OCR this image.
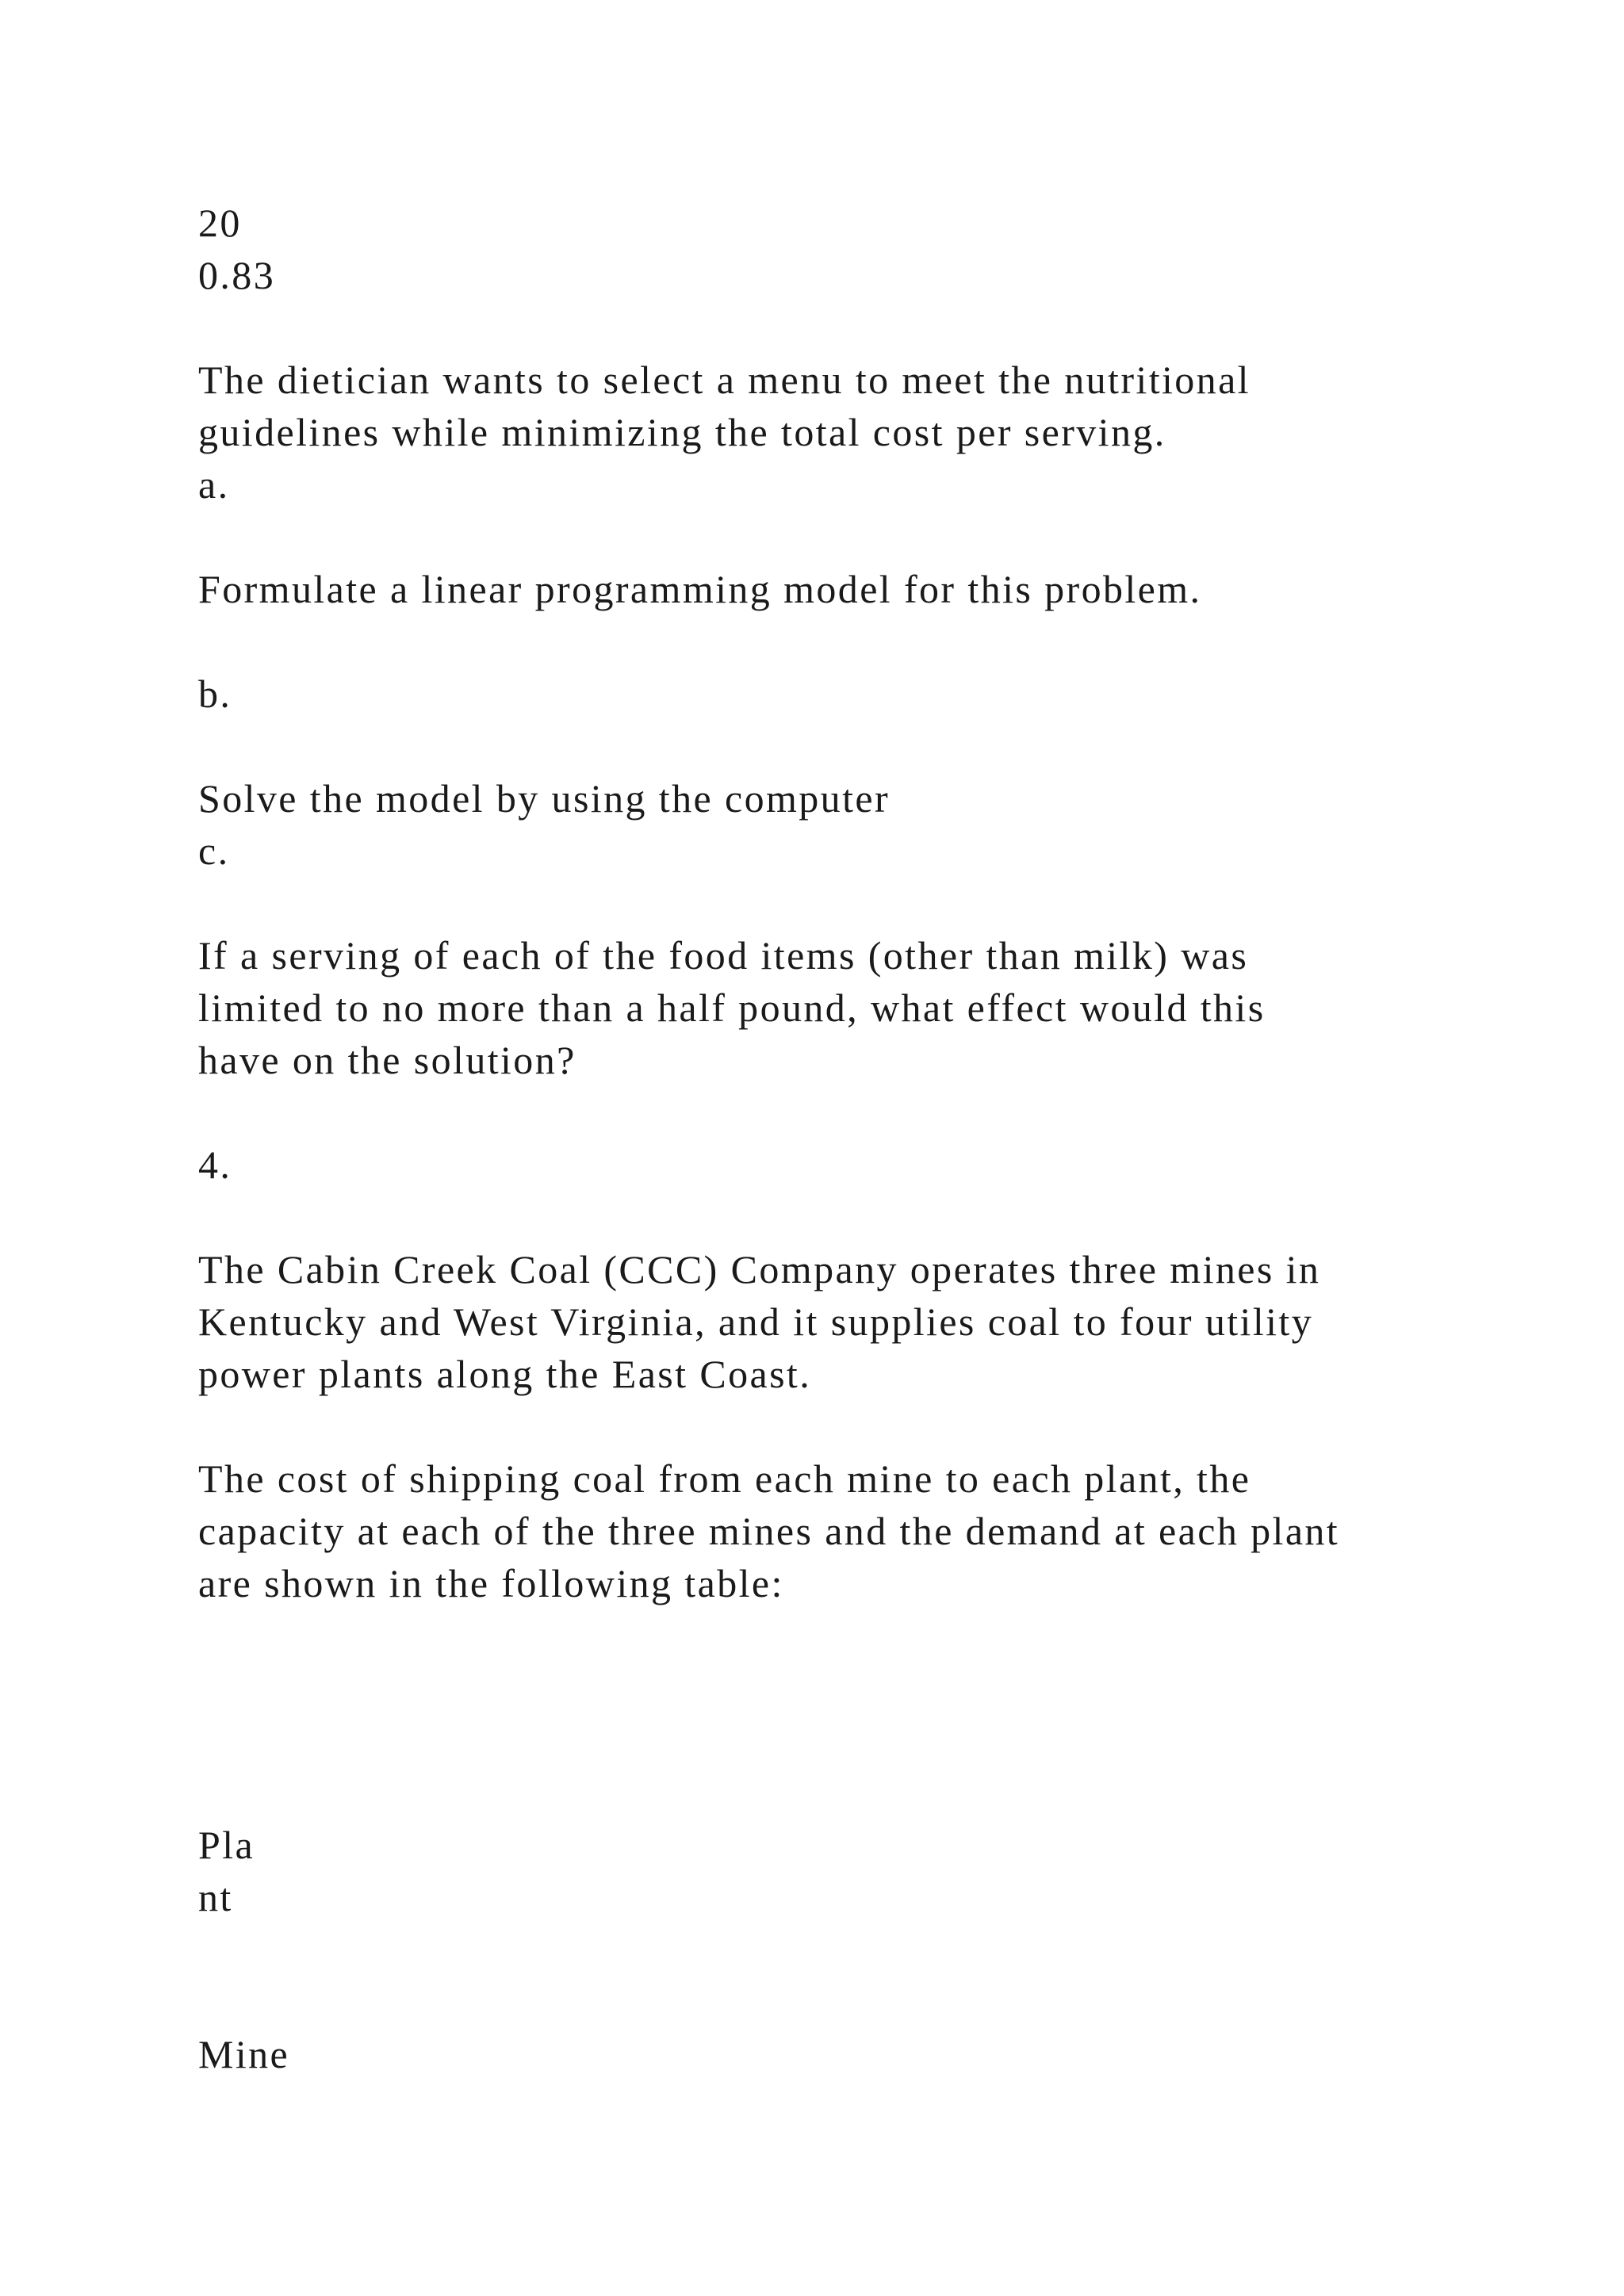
20

0.83

The dietician wants to select a menu to meet the nutritional

guidelines while minimizing the total cost per serving.

a.

Formulate a linear programming model for this problem.

b.

Solve the model by using the computer

c.

If a serving of each of the food items (other than milk) was

limited to no more than a half pound, what effect would this

have on the solution?

4.

The Cabin Creek Coal (CCC) Company operates three mines in

Kentucky and West Virginia, and it supplies coal to four utility

power plants along the East Coast.

The cost of shipping coal from each mine to each plant, the

capacity at each of the three mines and the demand at each plant

are shown in the following table:

Pla

nt

Mine
